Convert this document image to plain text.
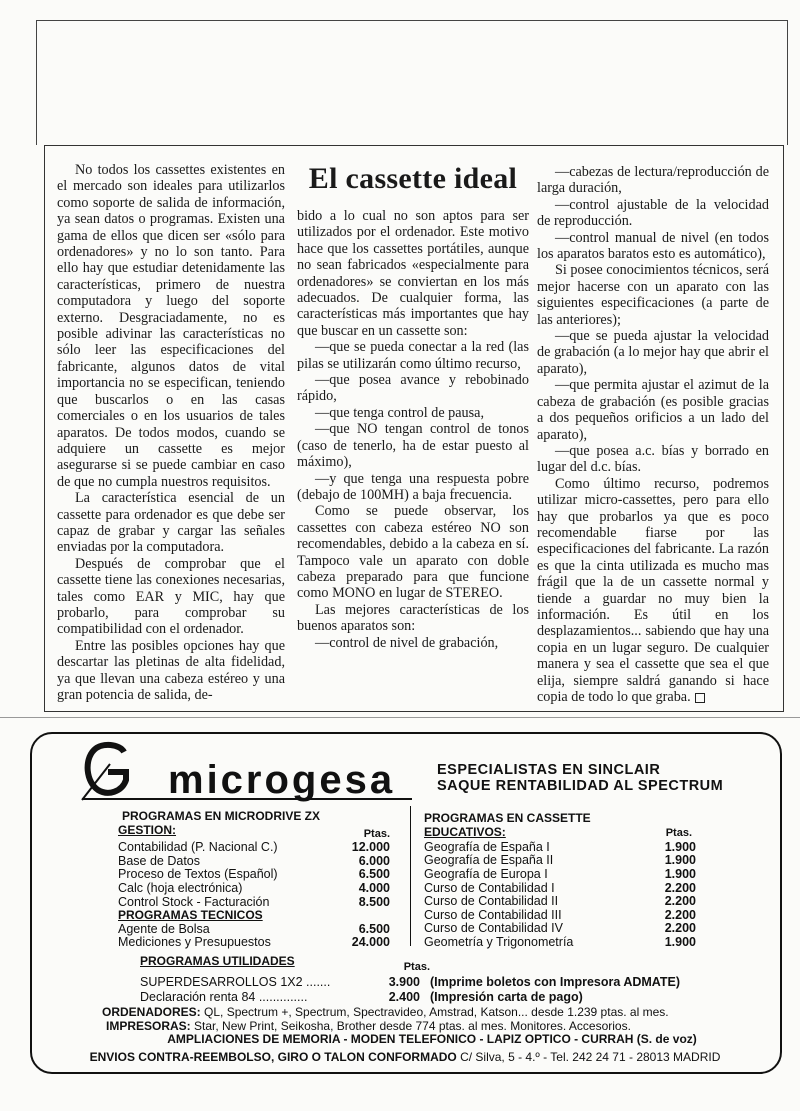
No todos los cassettes existentes en el mercado son ideales para utilizarlos como soporte de salida de información, ya sean datos o programas. Existen una gama de ellos que dicen ser «sólo para ordenadores» y no lo son tanto. Para ello hay que estudiar detenidamente las características, primero de nuestra computadora y luego del soporte externo. Desgraciadamente, no es posible adivinar las características no sólo leer las especificaciones del fabricante, algunos datos de vital importancia no se especifican, teniendo que buscarlos o en las casas comerciales o en los usuarios de tales aparatos. De todos modos, cuando se adquiere un cassette es mejor asegurarse si se puede cambiar en caso de que no cumpla nuestros requisitos.

La característica esencial de un cassette para ordenador es que debe ser capaz de grabar y cargar las señales enviadas por la computadora.

Después de comprobar que el cassette tiene las conexiones necesarias, tales como EAR y MIC, hay que probarlo, para comprobar su compatibilidad con el ordenador.

Entre las posibles opciones hay que descartar las pletinas de alta fidelidad, ya que llevan una cabeza estéreo y una gran potencia de salida, de-

El cassette ideal

bido a lo cual no son aptos para ser utilizados por el ordenador. Este motivo hace que los cassettes portátiles, aunque no sean fabricados «especialmente para ordenadores» se conviertan en los más adecuados. De cualquier forma, las características más importantes que hay que buscar en un cassette son:

—que se pueda conectar a la red (las pilas se utilizarán como último recurso,

—que posea avance y rebobinado rápido,

—que tenga control de pausa,

—que NO tengan control de tonos (caso de tenerlo, ha de estar puesto al máximo),

—y que tenga una respuesta pobre (debajo de 100MH) a baja frecuencia.

Como se puede observar, los cassettes con cabeza estéreo NO son recomendables, debido a la cabeza en sí. Tampoco vale un aparato con doble cabeza preparado para que funcione como MONO en lugar de STEREO.

Las mejores características de los buenos aparatos son:

—control de nivel de grabación,

—cabezas de lectura/reproducción de larga duración,

—control ajustable de la velocidad de reproducción.

—control manual de nivel (en todos los aparatos baratos esto es automático),

Si posee conocimientos técnicos, será mejor hacerse con un aparato con las siguientes especificaciones (a parte de las anteriores);

—que se pueda ajustar la velocidad de grabación (a lo mejor hay que abrir el aparato),

—que permita ajustar el azimut de la cabeza de grabación (es posible gracias a dos pequeños orificios a un lado del aparato),

—que posea a.c. bías y borrado en lugar del d.c. bías.

Como último recurso, podremos utilizar micro-cassettes, pero para ello hay que probarlos ya que es poco recomendable fiarse por las especificaciones del fabricante. La razón es que la cinta utilizada es mucho mas frágil que la de un cassette normal y tiende a guardar no muy bien la información. Es útil en los desplazamientos... sabiendo que hay una copia en un lugar seguro. De cualquier manera y sea el cassette que sea el que elija, siempre saldrá ganando si hace copia de todo lo que graba.

microgesa	ESPECIALISTAS EN SINCLAIR
SAQUE RENTABILIDAD AL SPECTRUM
PROGRAMAS EN MICRODRIVE ZX
GESTION:	Ptas.
Contabilidad (P. Nacional C.)	12.000
Base de Datos	6.000
Proceso de Textos (Español)	6.500
Calc (hoja electrónica)	4.000
Control Stock - Facturación	8.500
PROGRAMAS TECNICOS
Agente de Bolsa	6.500
Mediciones y Presupuestos	24.000
PROGRAMAS EN CASSETTE
EDUCATIVOS:	Ptas.
Geografía de España I	1.900
Geografía de España II	1.900
Geografía de Europa I	1.900
Curso de Contabilidad I	2.200
Curso de Contabilidad II	2.200
Curso de Contabilidad III	2.200
Curso de Contabilidad IV	2.200
Geometría y Trigonometría	1.900
PROGRAMAS UTILIDADES	Ptas.
SUPERDESARROLLOS 1X2 .......	3.900 (Imprime boletos con Impresora ADMATE)
Declaración renta 84 ..............	2.400 (Impresión carta de pago)
ORDENADORES: QL, Spectrum +, Spectrum, Spectravideo, Amstrad, Katson... desde 1.239 ptas. al mes.
IMPRESORAS: Star, New Print, Seikosha, Brother desde 774 ptas. al mes. Monitores. Accesorios.
AMPLIACIONES DE MEMORIA - MODEN TELEFONICO - LAPIZ OPTICO - CURRAH (S. de voz)
ENVIOS CONTRA-REEMBOLSO, GIRO O TALON CONFORMADO C/ Silva, 5 - 4.º - Tel. 242 24 71 - 28013 MADRID
